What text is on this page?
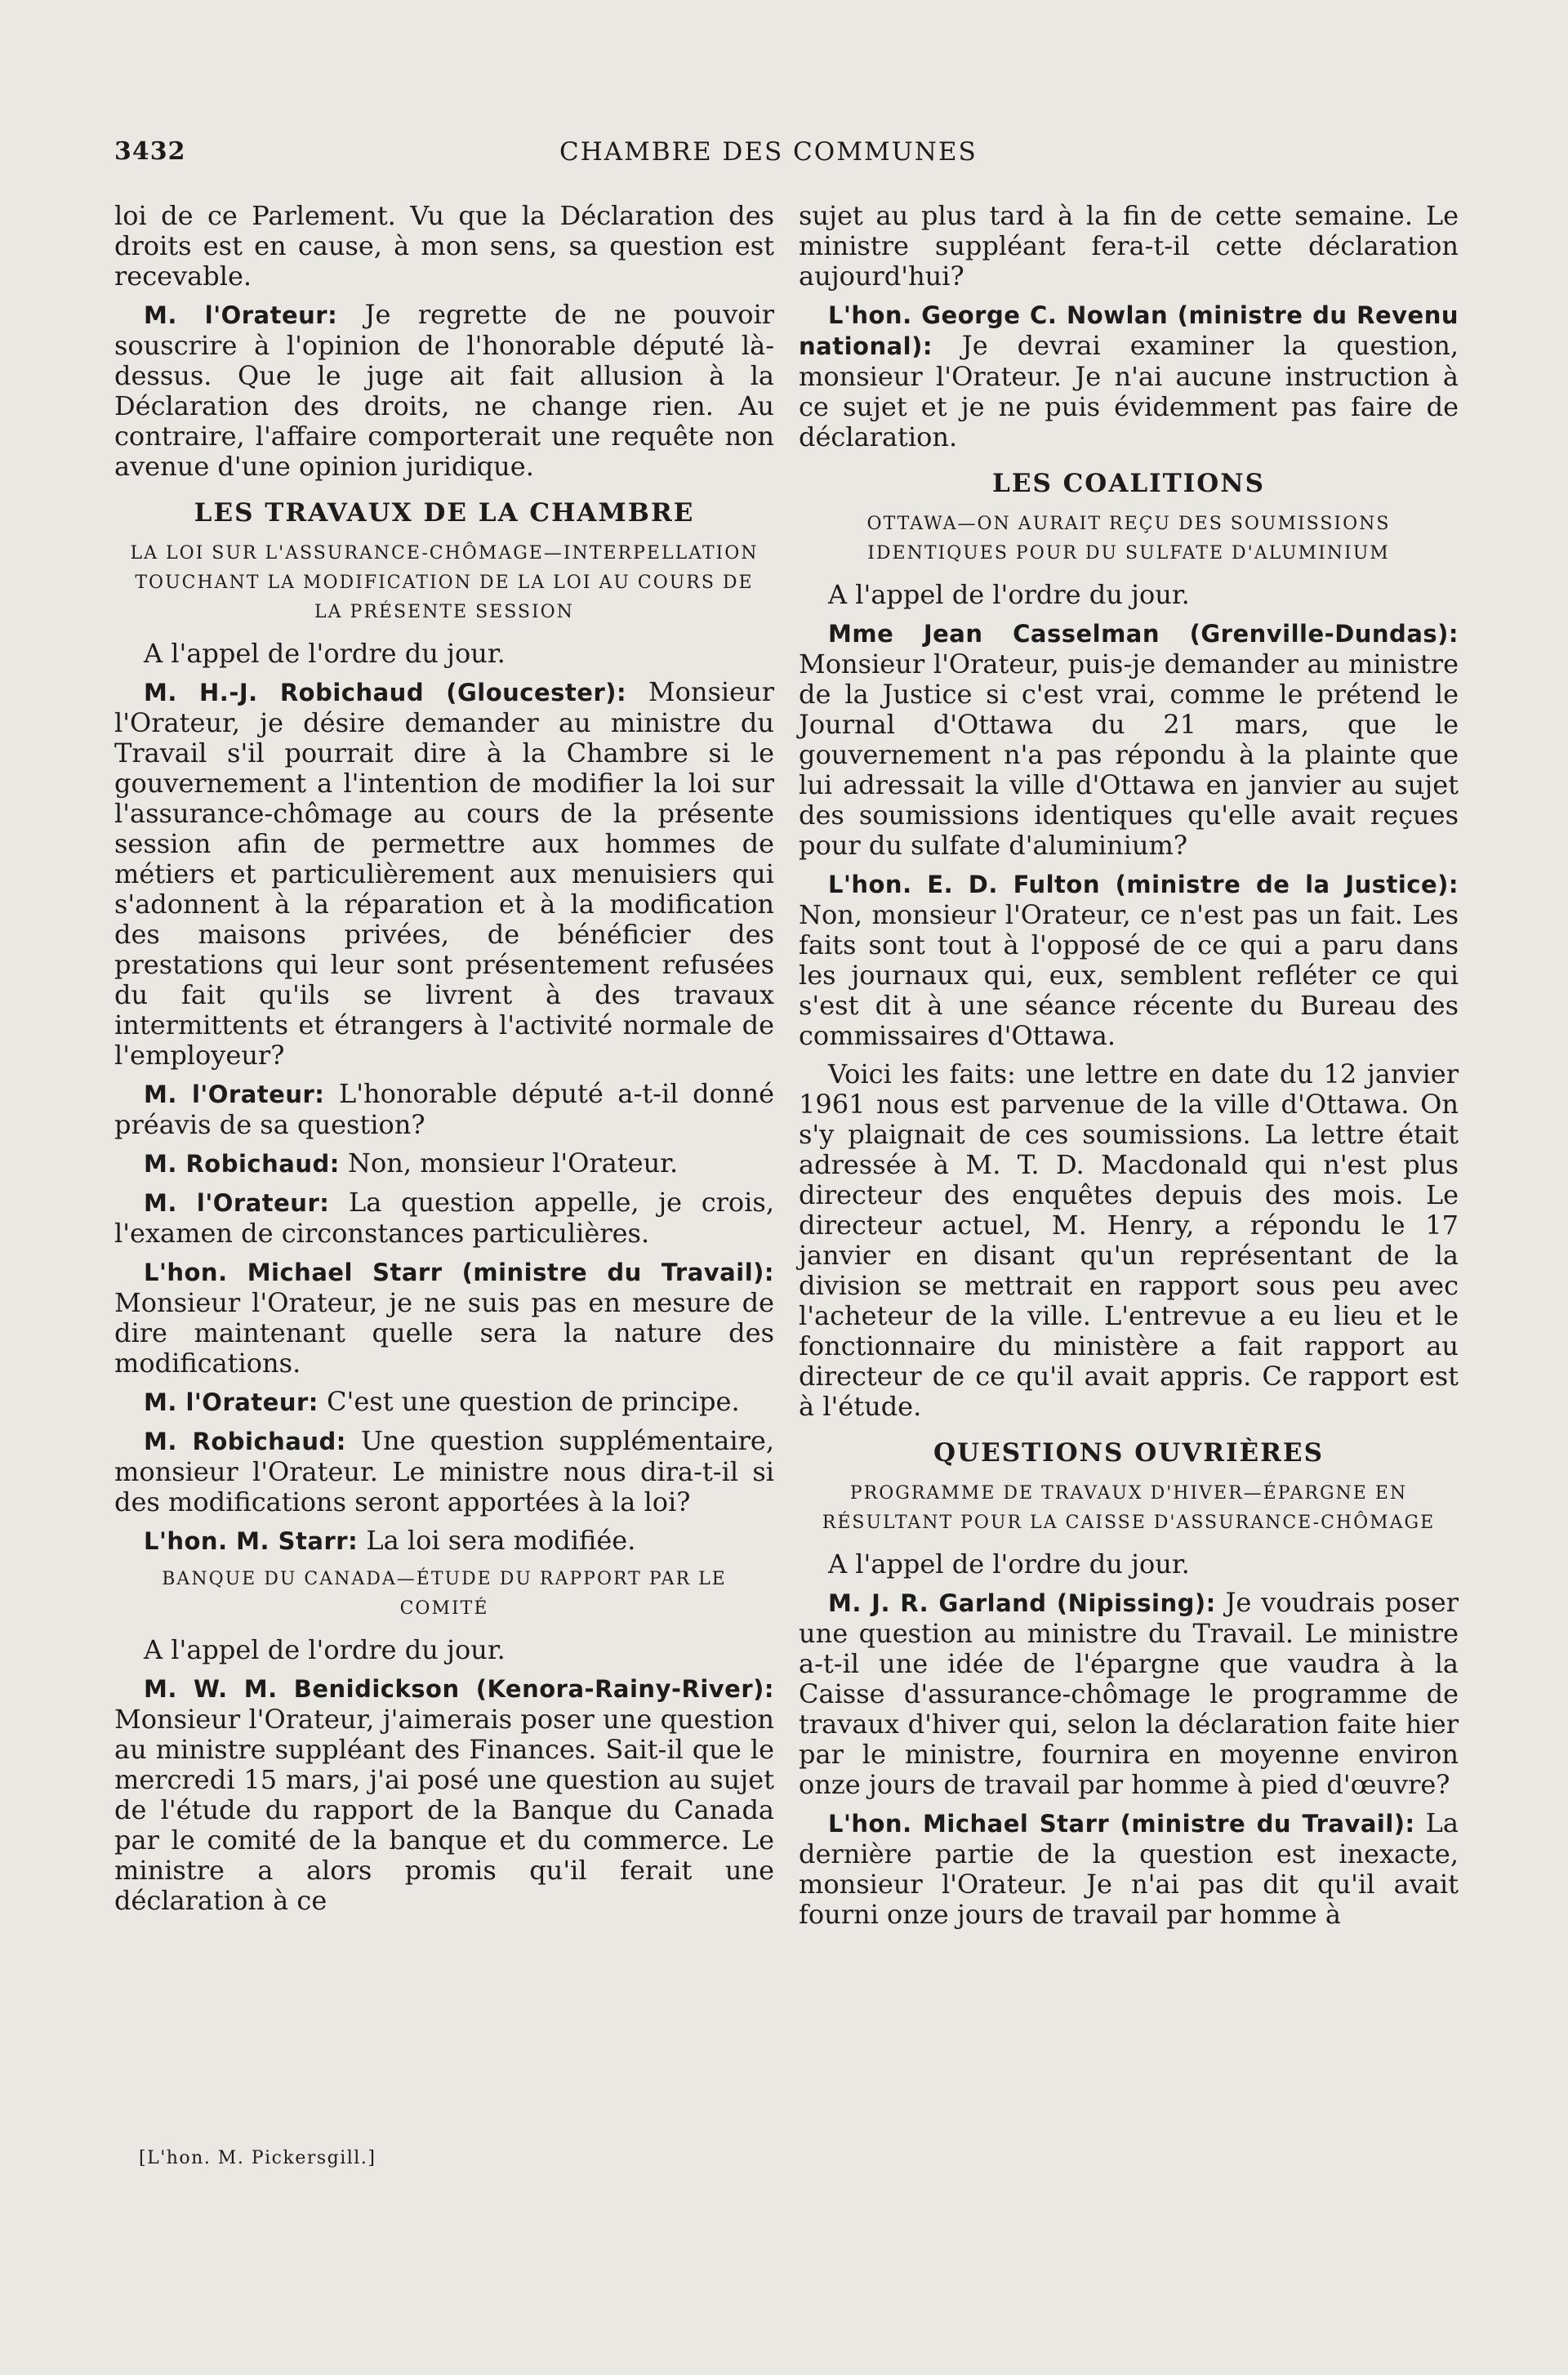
3432	CHAMBRE DES COMMUNES

loi de ce Parlement. Vu que la Déclaration des droits est en cause, à mon sens, sa question est recevable.

M. l'Orateur: Je regrette de ne pouvoir souscrire à l'opinion de l'honorable député là-dessus. Que le juge ait fait allusion à la Déclaration des droits, ne change rien. Au contraire, l'affaire comporterait une requête non avenue d'une opinion juridique.

LES TRAVAUX DE LA CHAMBRE
LA LOI SUR L'ASSURANCE-CHÔMAGE—INTERPELLATION TOUCHANT LA MODIFICATION DE LA LOI AU COURS DE LA PRÉSENTE SESSION

A l'appel de l'ordre du jour.

M. H.-J. Robichaud (Gloucester): Monsieur l'Orateur, je désire demander au ministre du Travail s'il pourrait dire à la Chambre si le gouvernement a l'intention de modifier la loi sur l'assurance-chômage au cours de la présente session afin de permettre aux hommes de métiers et particulièrement aux menuisiers qui s'adonnent à la réparation et à la modification des maisons privées, de bénéficier des prestations qui leur sont présentement refusées du fait qu'ils se livrent à des travaux intermittents et étrangers à l'activité normale de l'employeur?

M. l'Orateur: L'honorable député a-t-il donné préavis de sa question?

M. Robichaud: Non, monsieur l'Orateur.

M. l'Orateur: La question appelle, je crois, l'examen de circonstances particulières.

L'hon. Michael Starr (ministre du Travail): Monsieur l'Orateur, je ne suis pas en mesure de dire maintenant quelle sera la nature des modifications.

M. l'Orateur: C'est une question de principe.

M. Robichaud: Une question supplémentaire, monsieur l'Orateur. Le ministre nous dira-t-il si des modifications seront apportées à la loi?

L'hon. M. Starr: La loi sera modifiée.

BANQUE DU CANADA—ÉTUDE DU RAPPORT PAR LE COMITÉ

A l'appel de l'ordre du jour.

M. W. M. Benidickson (Kenora-Rainy-River): Monsieur l'Orateur, j'aimerais poser une question au ministre suppléant des Finances. Sait-il que le mercredi 15 mars, j'ai posé une question au sujet de l'étude du rapport de la Banque du Canada par le comité de la banque et du commerce. Le ministre a alors promis qu'il ferait une déclaration à ce

sujet au plus tard à la fin de cette semaine. Le ministre suppléant fera-t-il cette déclaration aujourd'hui?

L'hon. George C. Nowlan (ministre du Revenu national): Je devrai examiner la question, monsieur l'Orateur. Je n'ai aucune instruction à ce sujet et je ne puis évidemment pas faire de déclaration.

LES COALITIONS
OTTAWA—ON AURAIT REÇU DES SOUMISSIONS IDENTIQUES POUR DU SULFATE D'ALUMINIUM

A l'appel de l'ordre du jour.

Mme Jean Casselman (Grenville-Dundas): Monsieur l'Orateur, puis-je demander au ministre de la Justice si c'est vrai, comme le prétend le Journal d'Ottawa du 21 mars, que le gouvernement n'a pas répondu à la plainte que lui adressait la ville d'Ottawa en janvier au sujet des soumissions identiques qu'elle avait reçues pour du sulfate d'aluminium?

L'hon. E. D. Fulton (ministre de la Justice): Non, monsieur l'Orateur, ce n'est pas un fait. Les faits sont tout à l'opposé de ce qui a paru dans les journaux qui, eux, semblent refléter ce qui s'est dit à une séance récente du Bureau des commissaires d'Ottawa.

Voici les faits: une lettre en date du 12 janvier 1961 nous est parvenue de la ville d'Ottawa. On s'y plaignait de ces soumissions. La lettre était adressée à M. T. D. Macdonald qui n'est plus directeur des enquêtes depuis des mois. Le directeur actuel, M. Henry, a répondu le 17 janvier en disant qu'un représentant de la division se mettrait en rapport sous peu avec l'acheteur de la ville. L'entrevue a eu lieu et le fonctionnaire du ministère a fait rapport au directeur de ce qu'il avait appris. Ce rapport est à l'étude.

QUESTIONS OUVRIÈRES
PROGRAMME DE TRAVAUX D'HIVER—ÉPARGNE EN RÉSULTANT POUR LA CAISSE D'ASSURANCE-CHÔMAGE

A l'appel de l'ordre du jour.

M. J. R. Garland (Nipissing): Je voudrais poser une question au ministre du Travail. Le ministre a-t-il une idée de l'épargne que vaudra à la Caisse d'assurance-chômage le programme de travaux d'hiver qui, selon la déclaration faite hier par le ministre, fournira en moyenne environ onze jours de travail par homme à pied d'œuvre?

L'hon. Michael Starr (ministre du Travail): La dernière partie de la question est inexacte, monsieur l'Orateur. Je n'ai pas dit qu'il avait fourni onze jours de travail par homme à

[L'hon. M. Pickersgill.]
